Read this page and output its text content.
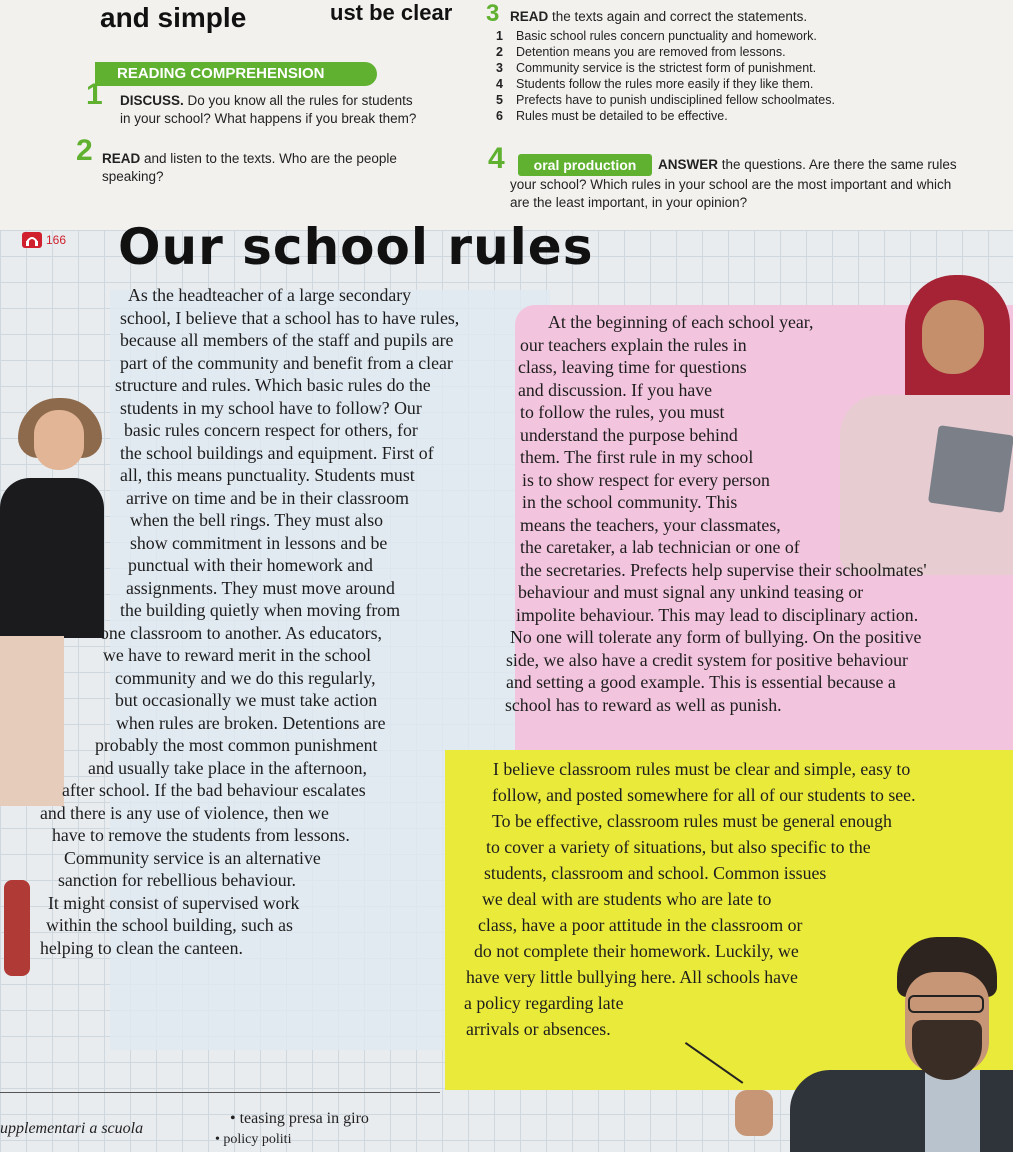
and simple	ust be clear
READING COMPREHENSION
1 DISCUSS. Do you know all the rules for students
in your school? What happens if you break them?
2 READ and listen to the texts. Who are the people
speaking?
3 READ the texts again and correct the statements.
1 Basic school rules concern punctuality and homework.
2 Detention means you are removed from lessons.
3 Community service is the strictest form of punishment.
4 Students follow the rules more easily if they like them.
5 Prefects have to punish undisciplined fellow schoolmates.
6 Rules must be detailed to be effective.
4	oral production	ANSWER the questions. Are there the same rules
your school? Which rules in your school are the most important and which
are the least important, in your opinion?
166 Our school rules
upplementari a scuola
• teasing presa in giro
• policy politi
As the headteacher of a large secondary
school, I believe that a school has to have rules,
because all members of the staff and pupils are
part of the community and benefit from a clear
structure and rules. Which basic rules do the
students in my school have to follow? Our
basic rules concern respect for others, for
the school buildings and equipment. First of
all, this means punctuality. Students must
arrive on time and be in their classroom
when the bell rings. They must also
show commitment in lessons and be
punctual with their homework and
assignments. They must move around
the building quietly when moving from
one classroom to another. As educators,
we have to reward merit in the school
community and we do this regularly,
but occasionally we must take action
when rules are broken. Detentions are
probably the most common punishment
and usually take place in the afternoon,
after school. If the bad behaviour escalates
and there is any use of violence, then we
have to remove the students from lessons.
Community service is an alternative
sanction for rebellious behaviour.
It might consist of supervised work
within the school building, such as
helping to clean the canteen.
At the beginning of each school year,
our teachers explain the rules in
class, leaving time for questions
and discussion. If you have
to follow the rules, you must
understand the purpose behind
them. The first rule in my school
is to show respect for every person
in the school community. This
means the teachers, your classmates,
the caretaker, a lab technician or one of
the secretaries. Prefects help supervise their schoolmates'
behaviour and must signal any unkind teasing or
impolite behaviour. This may lead to disciplinary action.
No one will tolerate any form of bullying. On the positive
side, we also have a credit system for positive behaviour
and setting a good example. This is essential because a
school has to reward as well as punish.
I believe classroom rules must be clear and simple, easy to
follow, and posted somewhere for all of our students to see.
To be effective, classroom rules must be general enough
to cover a variety of situations, but also specific to the
students, classroom and school. Common issues
we deal with are students who are late to
class, have a poor attitude in the classroom or
do not complete their homework. Luckily, we
have very little bullying here. All schools have
a policy regarding late
arrivals or absences.
